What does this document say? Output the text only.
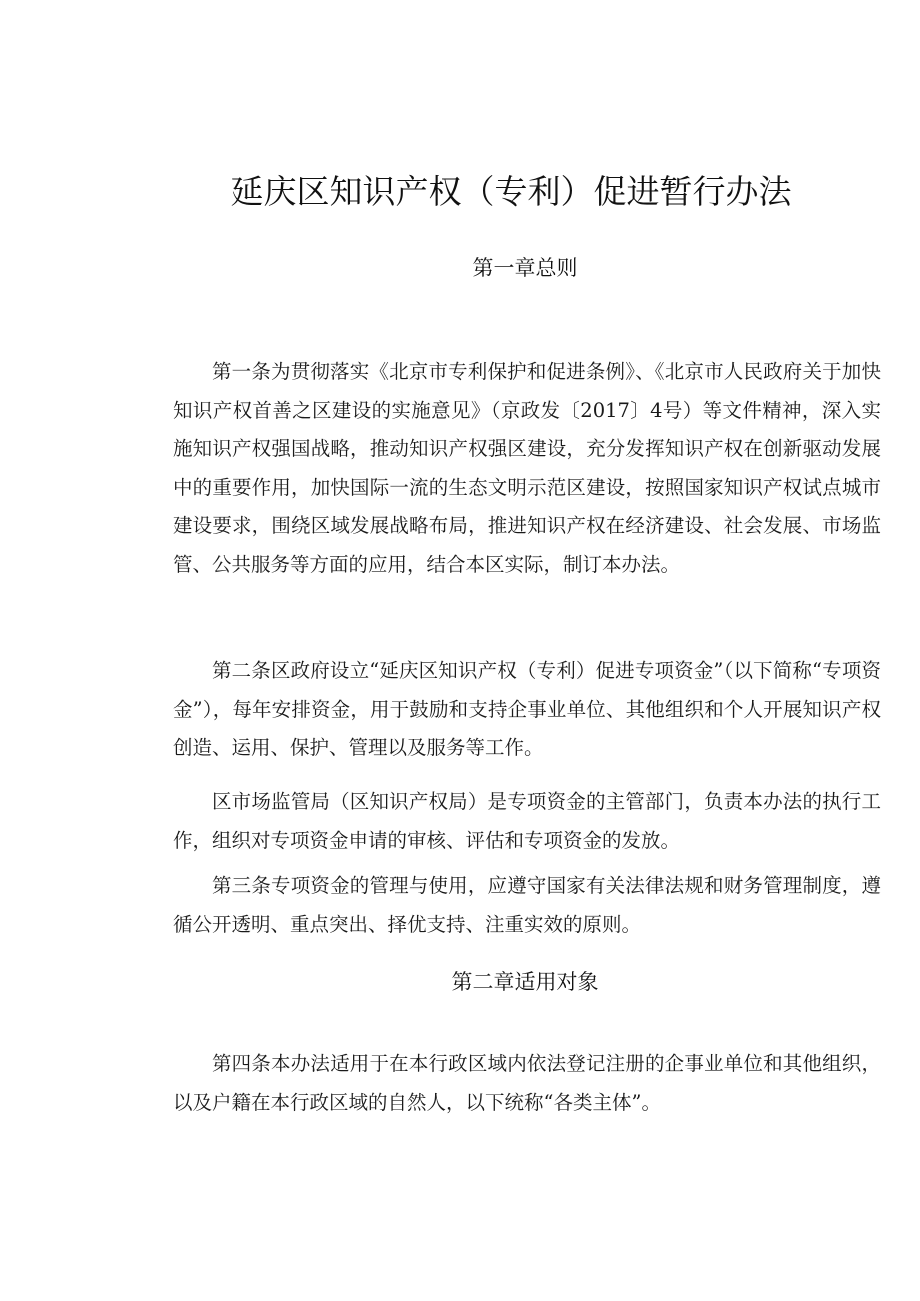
延庆区知识产权（专利）促进暂行办法
第一章总则

第一条为贯彻落实《北京市专利保护和促进条例》、《北京市人民政府关于加快知识产权首善之区建设的实施意见》（京政发〔2017〕4号）等文件精神，深入实施知识产权强国战略，推动知识产权强区建设，充分发挥知识产权在创新驱动发展中的重要作用，加快国际一流的生态文明示范区建设，按照国家知识产权试点城市建设要求，围绕区域发展战略布局，推进知识产权在经济建设、社会发展、市场监管、公共服务等方面的应用，结合本区实际，制订本办法。

第二条区政府设立“延庆区知识产权（专利）促进专项资金”（以下简称“专项资金”），每年安排资金，用于鼓励和支持企事业单位、其他组织和个人开展知识产权创造、运用、保护、管理以及服务等工作。

区市场监管局（区知识产权局）是专项资金的主管部门，负责本办法的执行工作，组织对专项资金申请的审核、评估和专项资金的发放。

第三条专项资金的管理与使用，应遵守国家有关法律法规和财务管理制度，遵循公开透明、重点突出、择优支持、注重实效的原则。

第二章适用对象

第四条本办法适用于在本行政区域内依法登记注册的企事业单位和其他组织，以及户籍在本行政区域的自然人，以下统称“各类主体”。
